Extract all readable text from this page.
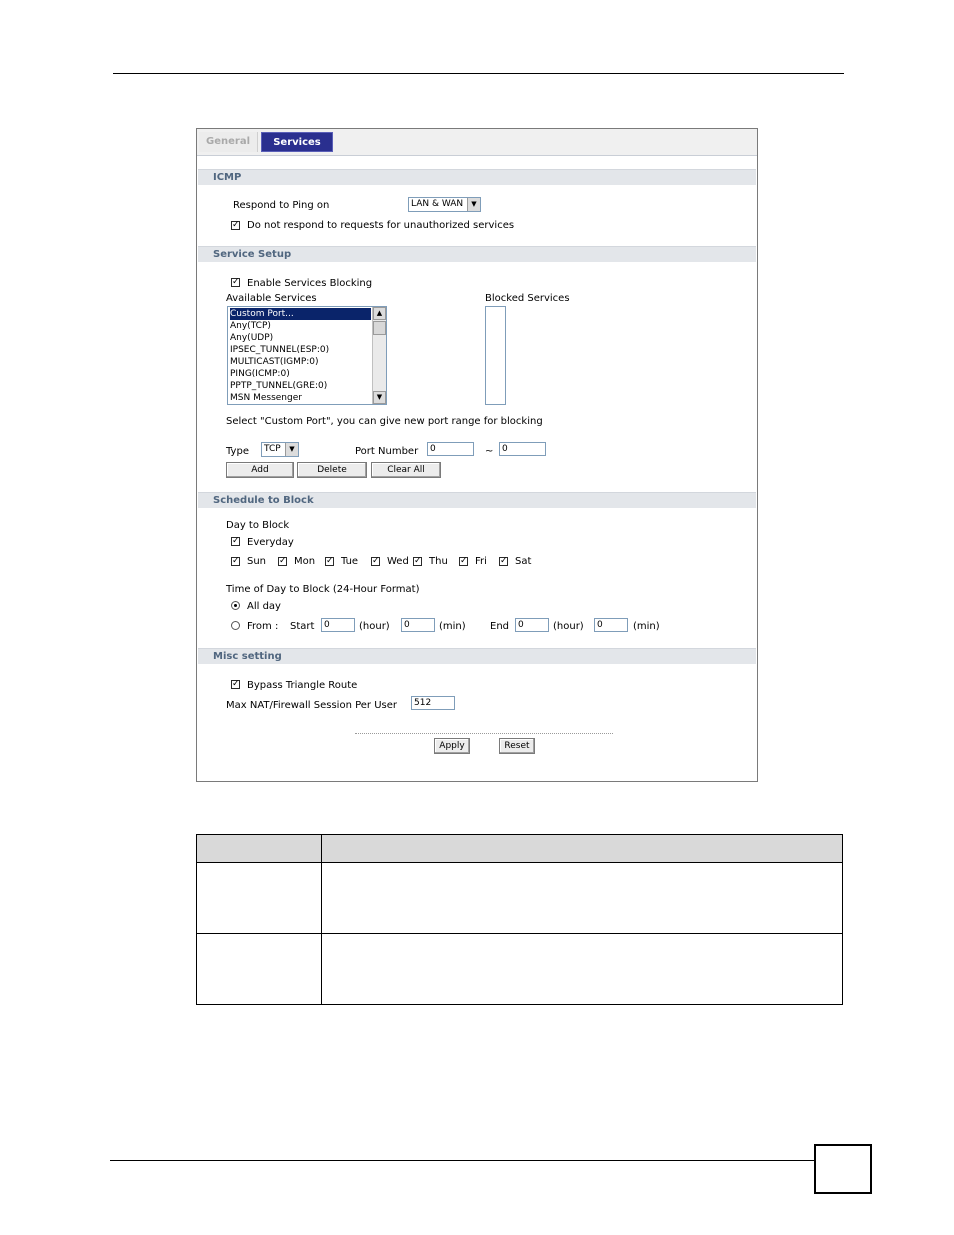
General	Services
ICMP
Respond to Ping on	LAN & WAN	▼
✓ Do not respond to requests for unauthorized services
Service Setup
✓ Enable Services Blocking
Available Services	Blocked Services
Custom Port...
Any(TCP)
Any(UDP)
IPSEC_TUNNEL(ESP:0)
MULTICAST(IGMP:0)
PING(ICMP:0)
PPTP_TUNNEL(GRE:0)
MSN Messenger
▲
▼
Select "Custom Port", you can give new port range for blocking
Type	TCP	▼	Port Number	0	~ 0
Add	Delete	Clear All
Schedule to Block
Day to Block
✓ Everyday
✓ Sun ✓ Mon ✓ Tue ✓ Wed ✓ Thu ✓ Fri ✓ Sat
Time of Day to Block (24-Hour Format)
All day
From : Start	0	(hour)	0	(min) End 0	(hour)	0	(min)
Misc setting
✓ Bypass Triangle Route
Max NAT/Firewall Session Per User	512
Apply	Reset
